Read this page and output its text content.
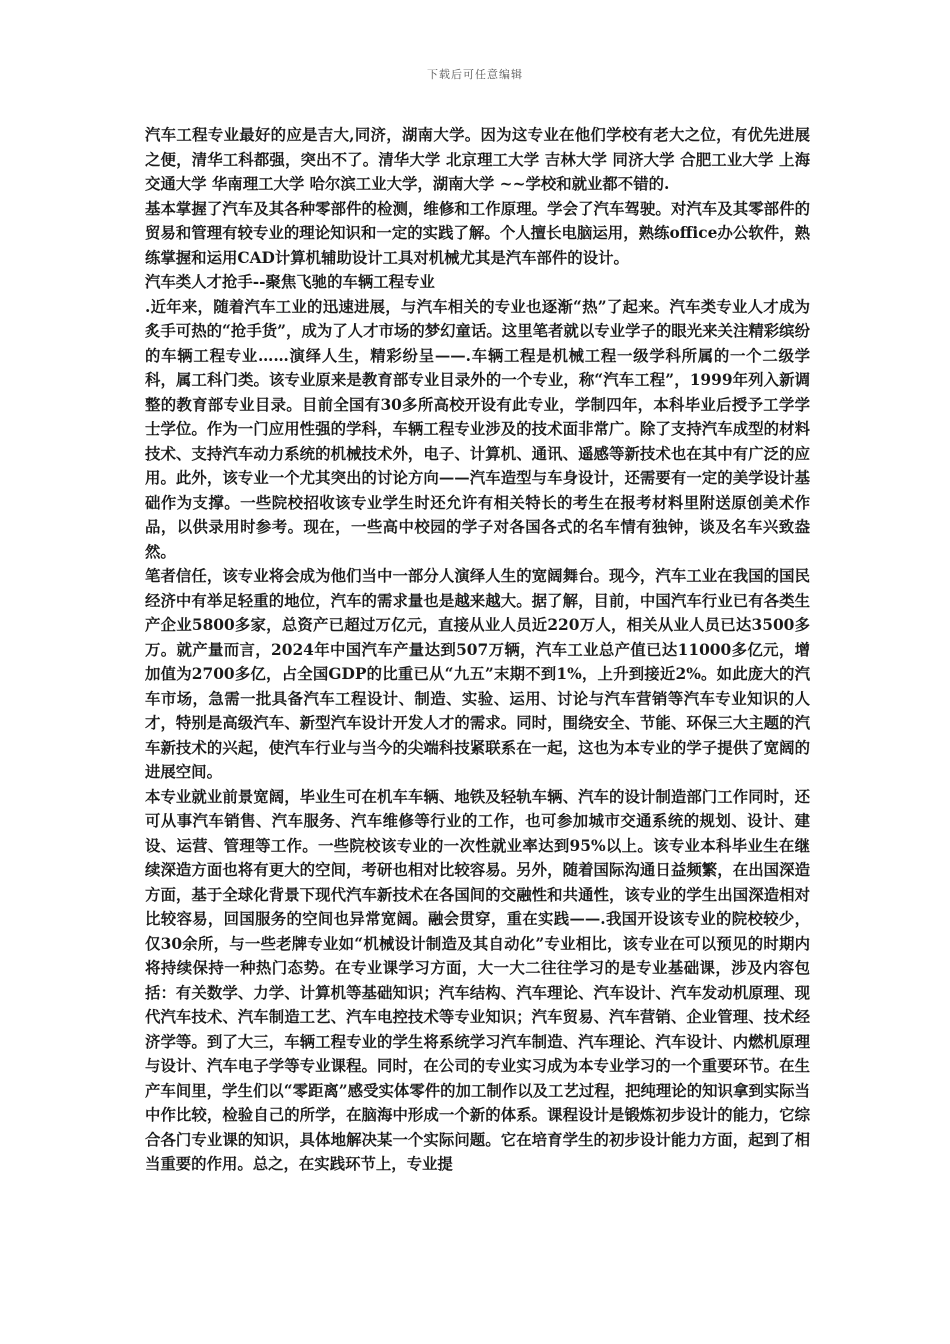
下载后可任意编辑

汽车工程专业最好的应是吉大,同济，湖南大学。因为这专业在他们学校有老大之位，有优先进展之便，清华工科都强，突出不了。清华大学 北京理工大学 吉林大学 同济大学 合肥工业大学 上海交通大学 华南理工大学 哈尔滨工业大学，湖南大学 ~~学校和就业都不错的.

基本掌握了汽车及其各种零部件的检测，维修和工作原理。学会了汽车驾驶。对汽车及其零部件的贸易和管理有较专业的理论知识和一定的实践了解。个人擅长电脑运用，熟练office办公软件，熟练掌握和运用CAD计算机辅助设计工具对机械尤其是汽车部件的设计。

汽车类人才抢手--聚焦飞驰的车辆工程专业

.近年来，随着汽车工业的迅速进展，与汽车相关的专业也逐渐“热”了起来。汽车类专业人才成为炙手可热的“抢手货”，成为了人才市场的梦幻童话。这里笔者就以专业学子的眼光来关注精彩缤纷的车辆工程专业……演绎人生，精彩纷呈——.车辆工程是机械工程一级学科所属的一个二级学科，属工科门类。该专业原来是教育部专业目录外的一个专业，称“汽车工程”，1999年列入新调整的教育部专业目录。目前全国有30多所高校开设有此专业，学制四年，本科毕业后授予工学学士学位。作为一门应用性强的学科，车辆工程专业涉及的技术面非常广。除了支持汽车成型的材料技术、支持汽车动力系统的机械技术外，电子、计算机、通讯、遥感等新技术也在其中有广泛的应用。此外，该专业一个尤其突出的讨论方向——汽车造型与车身设计，还需要有一定的美学设计基础作为支撑。一些院校招收该专业学生时还允许有相关特长的考生在报考材料里附送原创美术作品，以供录用时参考。现在，一些高中校园的学子对各国各式的名车情有独钟，谈及名车兴致盎然。

笔者信任，该专业将会成为他们当中一部分人演绎人生的宽阔舞台。现今，汽车工业在我国的国民经济中有举足轻重的地位，汽车的需求量也是越来越大。据了解，目前，中国汽车行业已有各类生产企业5800多家，总资产已超过万亿元，直接从业人员近220万人，相关从业人员已达3500多万。就产量而言，2024年中国汽车产量达到507万辆，汽车工业总产值已达11000多亿元，增加值为2700多亿，占全国GDP的比重已从“九五”末期不到1%，上升到接近2%。如此庞大的汽车市场，急需一批具备汽车工程设计、制造、实验、运用、讨论与汽车营销等汽车专业知识的人才，特别是高级汽车、新型汽车设计开发人才的需求。同时，围绕安全、节能、环保三大主题的汽车新技术的兴起，使汽车行业与当今的尖端科技紧联系在一起，这也为本专业的学子提供了宽阔的进展空间。

本专业就业前景宽阔，毕业生可在机车车辆、地铁及轻轨车辆、汽车的设计制造部门工作同时，还可从事汽车销售、汽车服务、汽车维修等行业的工作，也可参加城市交通系统的规划、设计、建设、运营、管理等工作。一些院校该专业的一次性就业率达到95%以上。该专业本科毕业生在继续深造方面也将有更大的空间，考研也相对比较容易。另外，随着国际沟通日益频繁，在出国深造方面，基于全球化背景下现代汽车新技术在各国间的交融性和共通性，该专业的学生出国深造相对比较容易，回国服务的空间也异常宽阔。融会贯穿，重在实践——.我国开设该专业的院校较少，仅30余所，与一些老牌专业如“机械设计制造及其自动化”专业相比，该专业在可以预见的时期内将持续保持一种热门态势。在专业课学习方面，大一大二往往学习的是专业基础课，涉及内容包括：有关数学、力学、计算机等基础知识；汽车结构、汽车理论、汽车设计、汽车发动机原理、现代汽车技术、汽车制造工艺、汽车电控技术等专业知识；汽车贸易、汽车营销、企业管理、技术经济学等。到了大三，车辆工程专业的学生将系统学习汽车制造、汽车理论、汽车设计、内燃机原理与设计、汽车电子学等专业课程。同时，在公司的专业实习成为本专业学习的一个重要环节。在生产车间里，学生们以“零距离”感受实体零件的加工制作以及工艺过程，把纯理论的知识拿到实际当中作比较，检验自己的所学，在脑海中形成一个新的体系。课程设计是锻炼初步设计的能力，它综合各门专业课的知识，具体地解决某一个实际问题。它在培育学生的初步设计能力方面，起到了相当重要的作用。总之，在实践环节上，专业提
